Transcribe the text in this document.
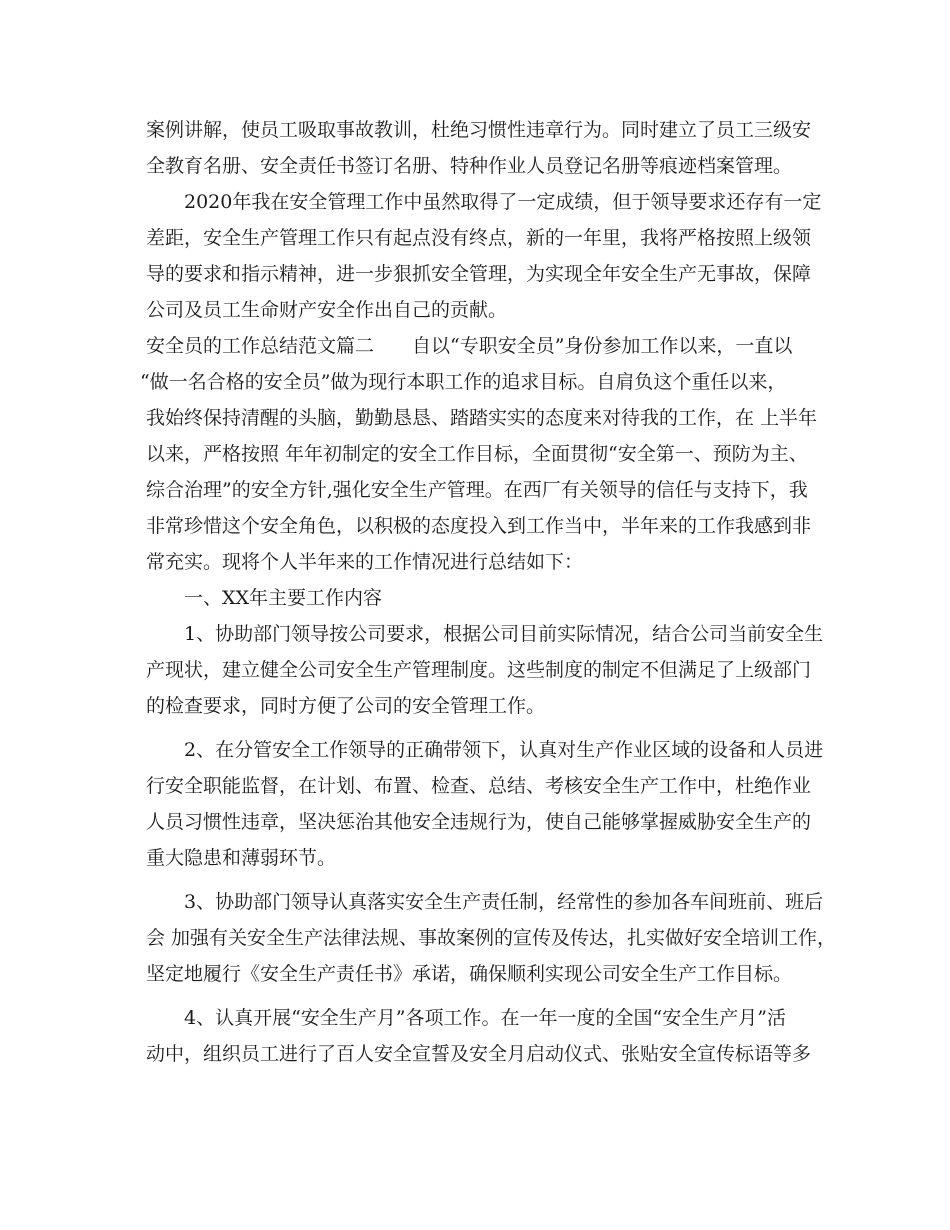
案例讲解，使员工吸取事故教训，杜绝习惯性违章行为。同时建立了员工三级安
全教育名册、安全责任书签订名册、特种作业人员登记名册等痕迹档案管理。
2020年我在安全管理工作中虽然取得了一定成绩，但于领导要求还存有一定
差距，安全生产管理工作只有起点没有终点，新的一年里，我将严格按照上级领
导的要求和指示精神，进一步狠抓安全管理，为实现全年安全生产无事故，保障
公司及员工生命财产安全作出自己的贡献。
安全员的工作总结范文篇二　　自以“专职安全员”身份参加工作以来，一直以
“做一名合格的安全员”做为现行本职工作的追求目标。自肩负这个重任以来，
我始终保持清醒的头脑，勤勤恳恳、踏踏实实的态度来对待我的工作，在 上半年
以来，严格按照 年年初制定的安全工作目标，全面贯彻“安全第一、预防为主、
综合治理”的安全方针,强化安全生产管理。在西厂有关领导的信任与支持下，我
非常珍惜这个安全角色，以积极的态度投入到工作当中，半年来的工作我感到非
常充实。现将个人半年来的工作情况进行总结如下：
一、XX年主要工作内容
1、协助部门领导按公司要求，根据公司目前实际情况，结合公司当前安全生
产现状，建立健全公司安全生产管理制度。这些制度的制定不但满足了上级部门
的检查要求，同时方便了公司的安全管理工作。
2、在分管安全工作领导的正确带领下，认真对生产作业区域的设备和人员进
行安全职能监督，在计划、布置、检查、总结、考核安全生产工作中，杜绝作业
人员习惯性违章，坚决惩治其他安全违规行为，使自己能够掌握威胁安全生产的
重大隐患和薄弱环节。
3、协助部门领导认真落实安全生产责任制，经常性的参加各车间班前、班后
会 加强有关安全生产法律法规、事故案例的宣传及传达，扎实做好安全培训工作，
坚定地履行《安全生产责任书》承诺，确保顺利实现公司安全生产工作目标。
4、认真开展“安全生产月”各项工作。在一年一度的全国“安全生产月”活
动中，组织员工进行了百人安全宣誓及安全月启动仪式、张贴安全宣传标语等多
